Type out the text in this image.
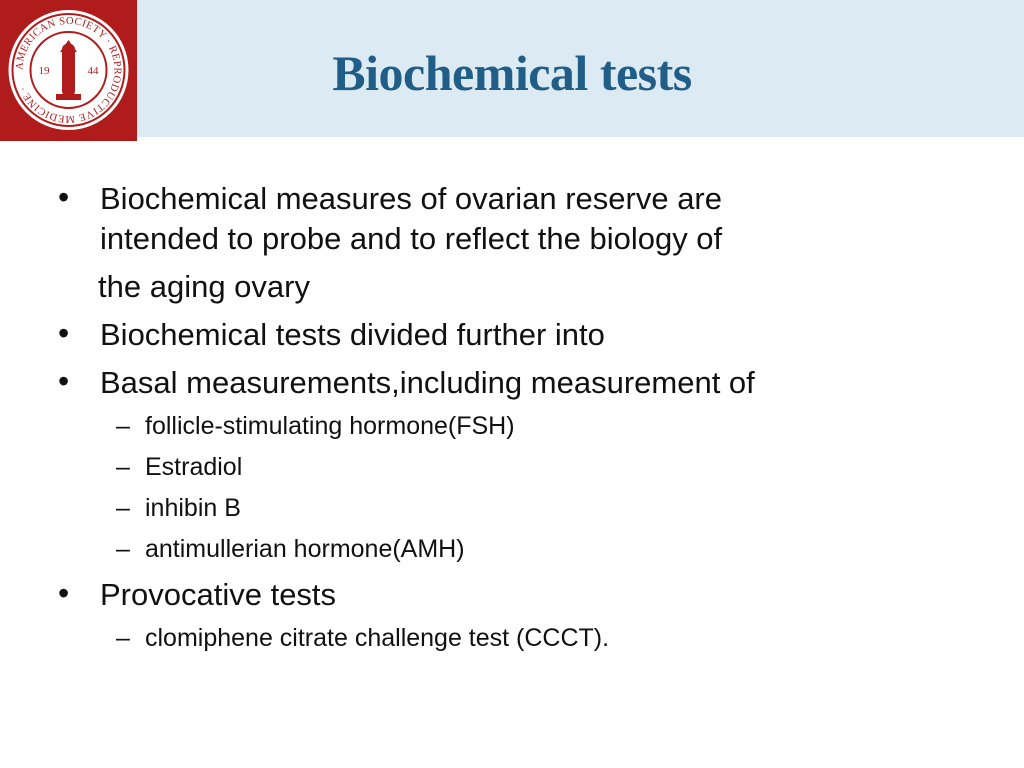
AMERICAN SOCIETY · REPRODUCTIVE MEDICINE ·
19	44	Biochemical tests
• Biochemical measures of ovarian reserve are
intended to probe and to reflect the biology of
the aging ovary
• Biochemical tests divided further into
• Basal measurements,including measurement of
– follicle-stimulating hormone(FSH)
– Estradiol
– inhibin B
– antimullerian hormone(AMH)
• Provocative tests
– clomiphene citrate challenge test (CCCT).
